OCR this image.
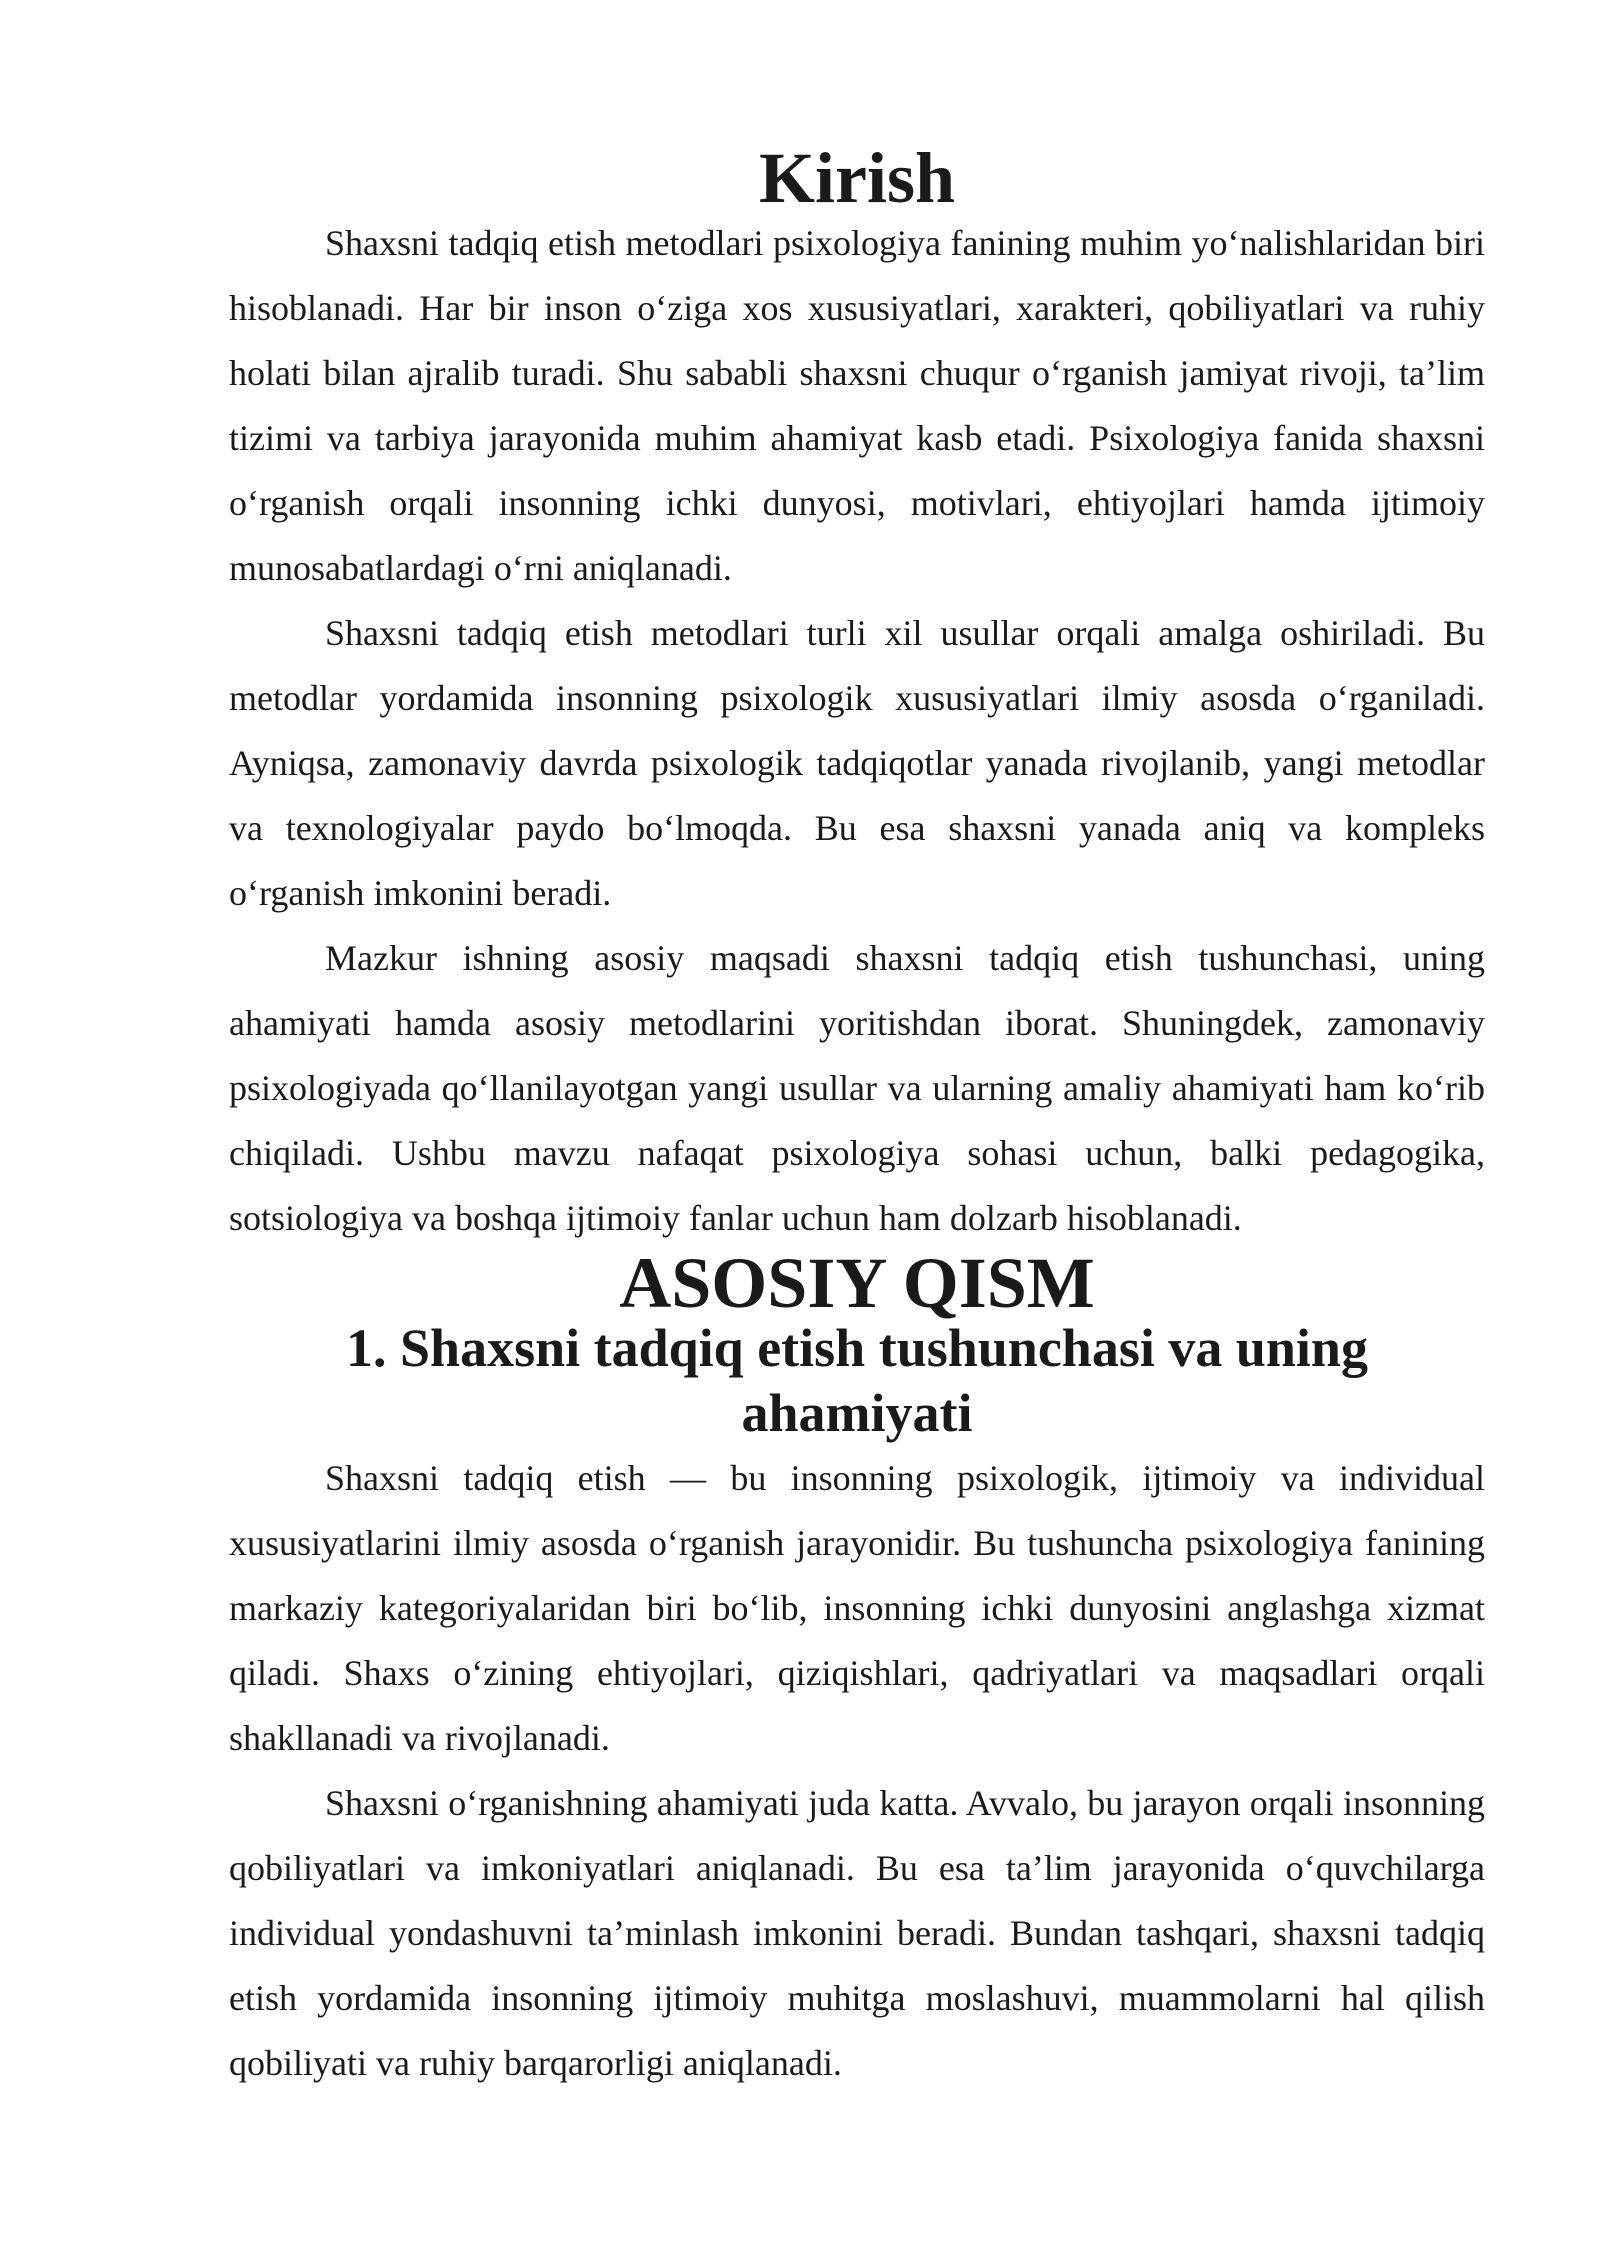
Kirish

Shaxsni tadqiq etish metodlari psixologiya fanining muhim yo‘nalishlaridan biri hisoblanadi. Har bir inson o‘ziga xos xususiyatlari, xarakteri, qobiliyatlari va ruhiy holati bilan ajralib turadi. Shu sababli shaxsni chuqur o‘rganish jamiyat rivoji, ta’lim tizimi va tarbiya jarayonida muhim ahamiyat kasb etadi. Psixologiya fanida shaxsni o‘rganish orqali insonning ichki dunyosi, motivlari, ehtiyojlari hamda ijtimoiy munosabatlardagi o‘rni aniqlanadi.

Shaxsni tadqiq etish metodlari turli xil usullar orqali amalga oshiriladi. Bu metodlar yordamida insonning psixologik xususiyatlari ilmiy asosda o‘rganiladi. Ayniqsa, zamonaviy davrda psixologik tadqiqotlar yanada rivojlanib, yangi metodlar va texnologiyalar paydo bo‘lmoqda. Bu esa shaxsni yanada aniq va kompleks o‘rganish imkonini beradi.

Mazkur ishning asosiy maqsadi shaxsni tadqiq etish tushunchasi, uning ahamiyati hamda asosiy metodlarini yoritishdan iborat. Shuningdek, zamonaviy psixologiyada qo‘llanilayotgan yangi usullar va ularning amaliy ahamiyati ham ko‘rib chiqiladi. Ushbu mavzu nafaqat psixologiya sohasi uchun, balki pedagogika, sotsiologiya va boshqa ijtimoiy fanlar uchun ham dolzarb hisoblanadi.

ASOSIY QISM
1. Shaxsni tadqiq etish tushunchasi va uning ahamiyati

Shaxsni tadqiq etish — bu insonning psixologik, ijtimoiy va individual xususiyatlarini ilmiy asosda o‘rganish jarayonidir. Bu tushuncha psixologiya fanining markaziy kategoriyalaridan biri bo‘lib, insonning ichki dunyosini anglashga xizmat qiladi. Shaxs o‘zining ehtiyojlari, qiziqishlari, qadriyatlari va maqsadlari orqali shakllanadi va rivojlanadi.

Shaxsni o‘rganishning ahamiyati juda katta. Avvalo, bu jarayon orqali insonning qobiliyatlari va imkoniyatlari aniqlanadi. Bu esa ta’lim jarayonida o‘quvchilarga individual yondashuvni ta’minlash imkonini beradi. Bundan tashqari, shaxsni tadqiq etish yordamida insonning ijtimoiy muhitga moslashuvi, muammolarni hal qilish qobiliyati va ruhiy barqarorligi aniqlanadi.
